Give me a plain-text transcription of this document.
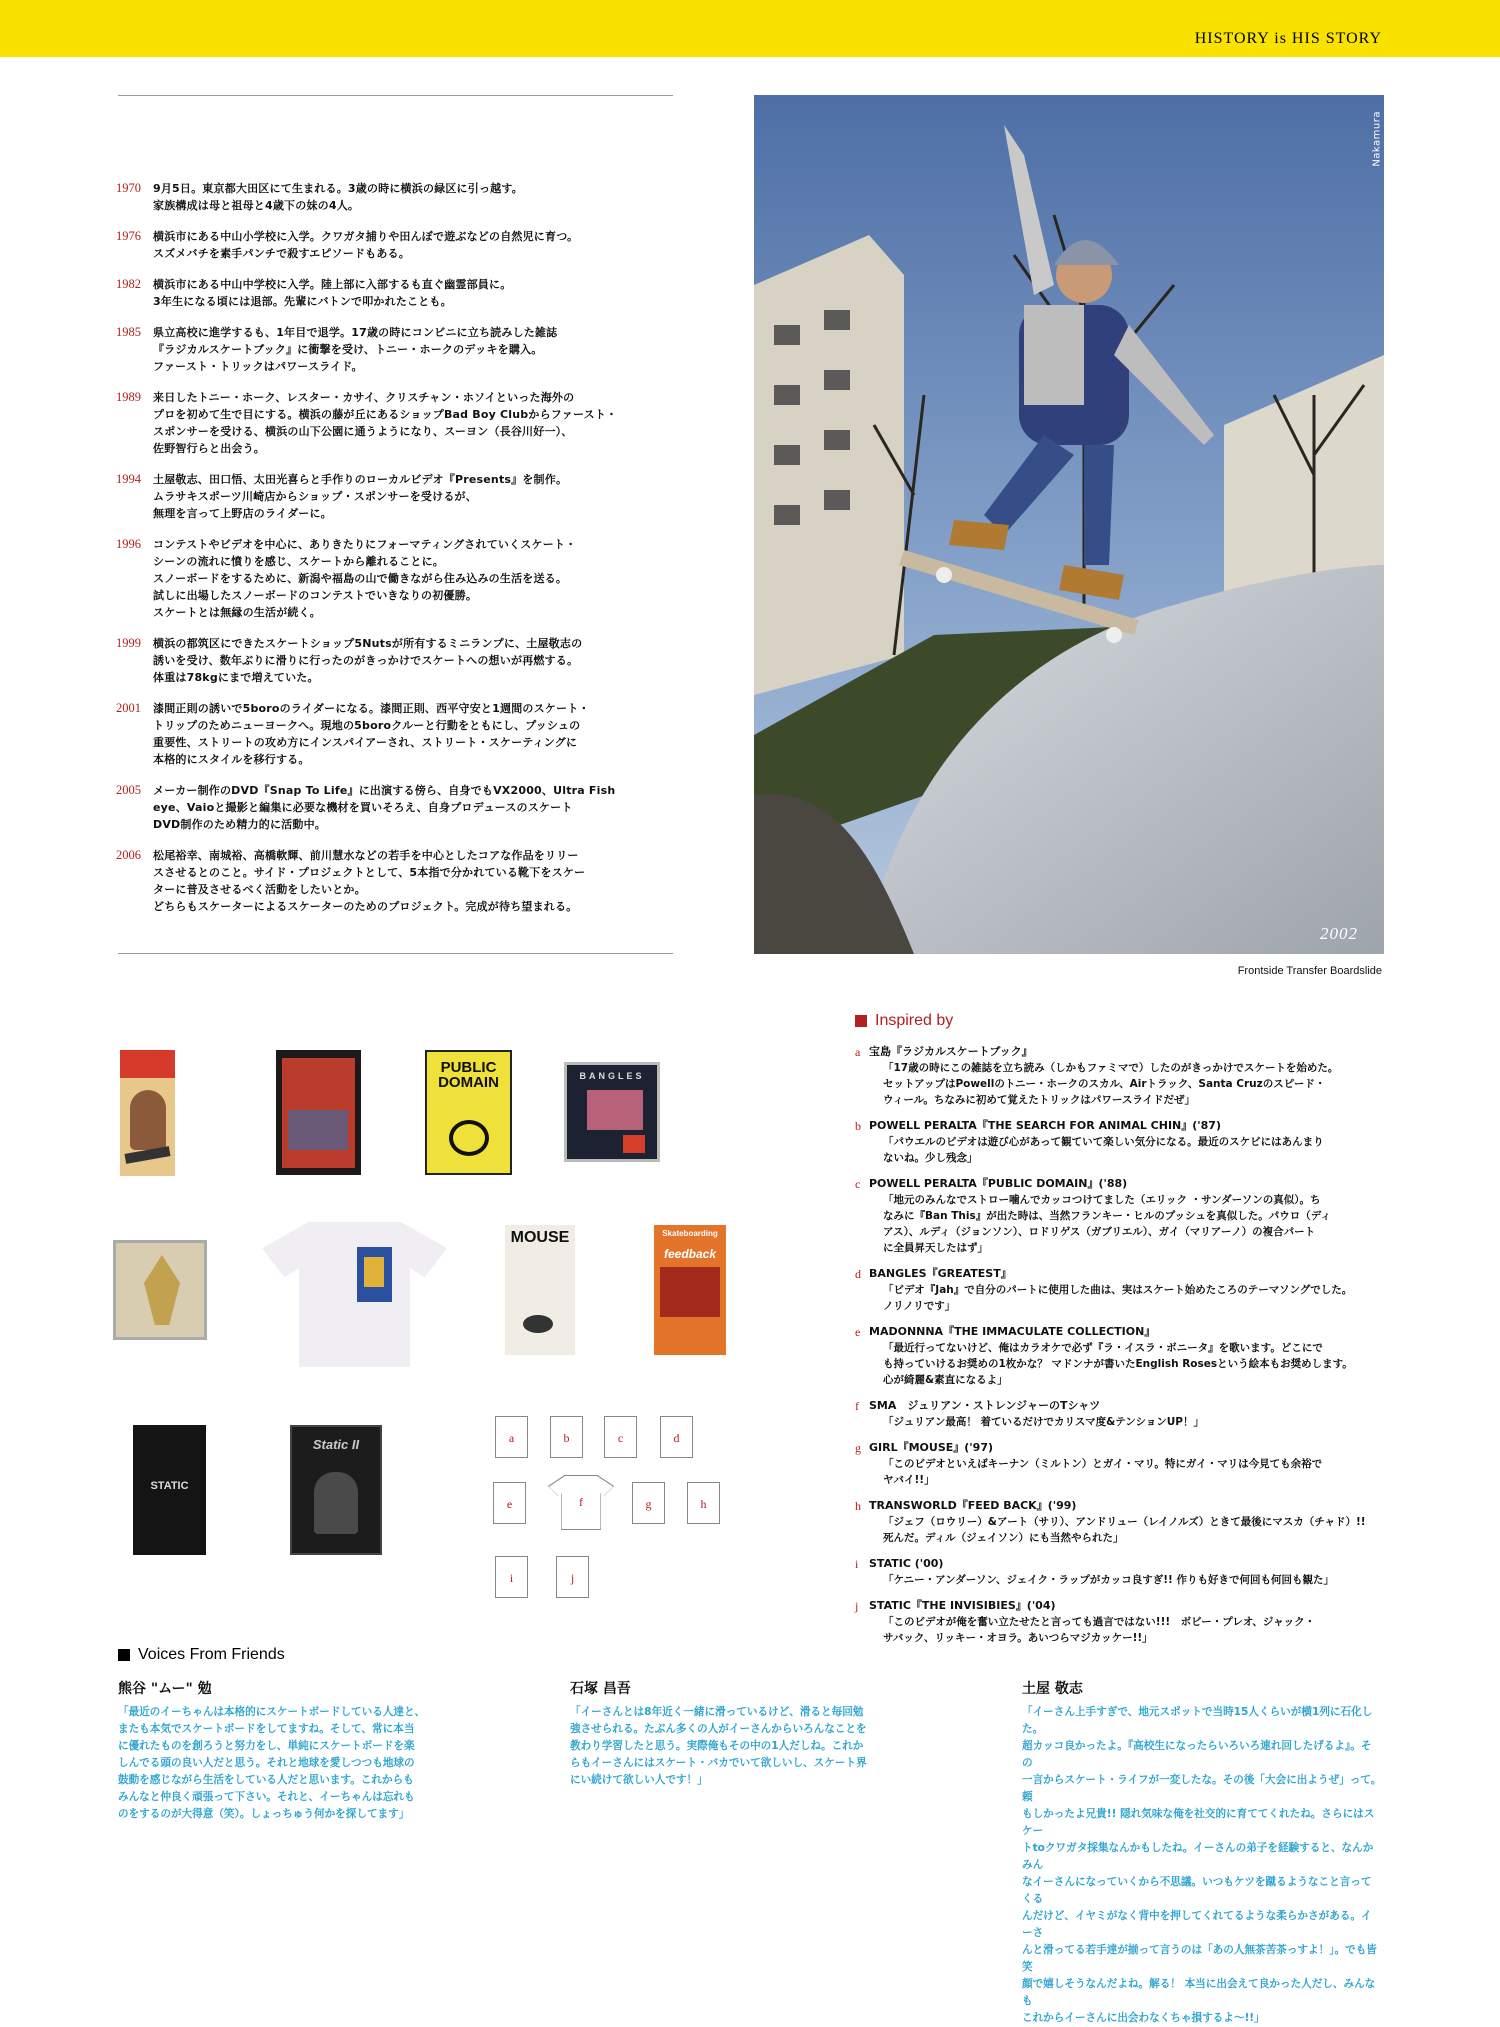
HISTORY is HIS STORY
1970	9月5日。東京都大田区にて生まれる。3歳の時に横浜の緑区に引っ越す。
家族構成は母と祖母と4歳下の妹の4人。
1976	横浜市にある中山小学校に入学。クワガタ捕りや田んぼで遊ぶなどの自然児に育つ。
スズメバチを素手パンチで殺すエピソードもある。
1982	横浜市にある中山中学校に入学。陸上部に入部するも直ぐ幽霊部員に。
3年生になる頃には退部。先輩にバトンで叩かれたことも。
1985	県立高校に進学するも、1年目で退学。17歳の時にコンビニに立ち読みした雑誌
『ラジカルスケートブック』に衝撃を受け、トニー・ホークのデッキを購入。
ファースト・トリックはパワースライド。
1989	来日したトニー・ホーク、レスター・カサイ、クリスチャン・ホソイといった海外の
プロを初めて生で目にする。横浜の藤が丘にあるショップBad Boy Clubからファースト・
スポンサーを受ける、横浜の山下公園に通うようになり、スーヨン（長谷川好一）、
佐野智行らと出会う。
1994	土屋敬志、田口悟、太田光喜らと手作りのローカルビデオ『Presents』を制作。
ムラサキスポーツ川崎店からショップ・スポンサーを受けるが、
無理を言って上野店のライダーに。
1996	コンテストやビデオを中心に、ありきたりにフォーマティングされていくスケート・
シーンの流れに憤りを感じ、スケートから離れることに。
スノーボードをするために、新潟や福島の山で働きながら住み込みの生活を送る。
試しに出場したスノーボードのコンテストでいきなりの初優勝。
スケートとは無縁の生活が続く。
1999	横浜の都筑区にできたスケートショップ5Nutsが所有するミニランプに、土屋敬志の
誘いを受け、数年ぶりに滑りに行ったのがきっかけでスケートへの想いが再燃する。
体重は78kgにまで増えていた。
2001	漆間正則の誘いで5boroのライダーになる。漆間正則、西平守安と1週間のスケート・
トリップのためニューヨークへ。現地の5boroクルーと行動をともにし、プッシュの
重要性、ストリートの攻め方にインスパイアーされ、ストリート・スケーティングに
本格的にスタイルを移行する。
2005	メーカー制作のDVD『Snap To Life』に出演する傍ら、自身でもVX2000、Ultra Fish
eye、Vaioと撮影と編集に必要な機材を買いそろえ、自身プロデュースのスケート
DVD制作のため精力的に活動中。
2006	松尾裕幸、南城裕、高橋軟輝、前川慧水などの若手を中心としたコアな作品をリリー
スさせるとのこと。サイド・プロジェクトとして、5本指で分かれている靴下をスケー
ターに普及させるべく活動をしたいとか。
どちらもスケーターによるスケーターのためのプロジェクト。完成が待ち望まれる。
Nakamura
2002
Frontside Transfer Boardslide
PUBLIC
DOMAIN	BANGLES
MOUSE	Skateboarding
feedback
STATIC
Static II	a	b	c	d
e	f	g	h
i	j
Inspired by
a 宝島『ラジカルスケートブック』
「17歳の時にこの雑誌を立ち読み（しかもファミマで）したのがきっかけでスケートを始めた。
セットアップはPowellのトニー・ホークのスカル、Airトラック、Santa Cruzのスピード・
ウィール。ちなみに初めて覚えたトリックはパワースライドだぜ」
b POWELL PERALTA『THE SEARCH FOR ANIMAL CHIN』('87)
「パウエルのビデオは遊び心があって観ていて楽しい気分になる。最近のスケビにはあんまり
ないね。少し残念」
c POWELL PERALTA『PUBLIC DOMAIN』('88)
「地元のみんなでストロー噛んでカッコつけてました（エリック ・サンダーソンの真似）。ち
なみに『Ban This』が出た時は、当然フランキー・ヒルのプッシュを真似した。パウロ（ディ
アス）、ルディ（ジョンソン）、ロドリゲス（ガブリエル）、ガイ（マリアーノ）の複合パート
に全員昇天したはず」
d BANGLES『GREATEST』
「ビデオ『Jah』で自分のパートに使用した曲は、実はスケート始めたころのテーマソングでした。
ノリノリです」
e MADONNNA『THE IMMACULATE COLLECTION』
「最近行ってないけど、俺はカラオケで必ず『ラ・イスラ・ボニータ』を歌います。どこにで
も持っていけるお奨めの1枚かな？ マドンナが書いたEnglish Rosesという絵本もお奨めします。
心が綺麗&素直になるよ」
f SMA　ジュリアン・ストレンジャーのTシャツ
「ジュリアン最高！ 着ているだけでカリスマ度&テンションUP！」
g GIRL『MOUSE』('97)
「このビデオといえばキーナン（ミルトン）とガイ・マリ。特にガイ・マリは今見ても余裕で
ヤバイ!!」
h TRANSWORLD『FEED BACK』('99)
「ジェフ（ロウリー）&アート（サリ）、アンドリュー（レイノルズ）ときて最後にマスカ（チャド）!!
死んだ。ディル（ジェイソン）にも当然やられた」
i STATIC ('00)
「ケニー・アンダーソン、ジェイク・ラップがカッコ良すぎ!! 作りも好きで何回も何回も観た」
j STATIC『THE INVISIBIES』('04)
「このビデオが俺を奮い立たせたと言っても過言ではない!!!　ボビー・プレオ、ジャック・
サバック、リッキー・オヨラ。あいつらマジカッケー!!」
Voices From Friends
熊谷 "ムー" 勉
「最近のイーちゃんは本格的にスケートボードしている人達と、
またも本気でスケートボードをしてますね。そして、常に本当
に優れたものを創ろうと努力をし、単純にスケートボードを楽
しんでる頭の良い人だと思う。それと地球を愛しつつも地球の
鼓動を感じながら生活をしている人だと思います。これからも
みんなと仲良く頑張って下さい。それと、イーちゃんは忘れも
のをするのが大得意（笑）。しょっちゅう何かを探してます」
石塚 昌吾
「イーさんとは8年近く一緒に滑っているけど、滑ると毎回勉
強させられる。たぶん多くの人がイーさんからいろんなことを
教わり学習したと思う。実際俺もその中の1人だしね。これか
らもイーさんにはスケート・バカでいて欲しいし、スケート界
にい続けて欲しい人です！」
土屋 敬志
「イーさん上手すぎで、地元スポットで当時15人くらいが横1列に石化した。
超カッコ良かったよ。『高校生になったらいろいろ連れ回したげるよ』。その
一言からスケート・ライフが一変したな。その後「大会に出ようぜ」って。頼
もしかったよ兄貴!! 隠れ気味な俺を社交的に育ててくれたね。さらにはスケー
トtoクワガタ採集なんかもしたね。イーさんの弟子を経験すると、なんかみん
なイーさんになっていくから不思議。いつもケツを蹴るようなこと言ってくる
んだけど、イヤミがなく背中を押してくれてるような柔らかさがある。イーさ
んと滑ってる若手達が揃って言うのは「あの人無茶苦茶っすよ！」。でも皆笑
顔で嬉しそうなんだよね。解る！ 本当に出会えて良かった人だし、みんなも
これからイーさんに出会わなくちゃ損するよ〜!!」
